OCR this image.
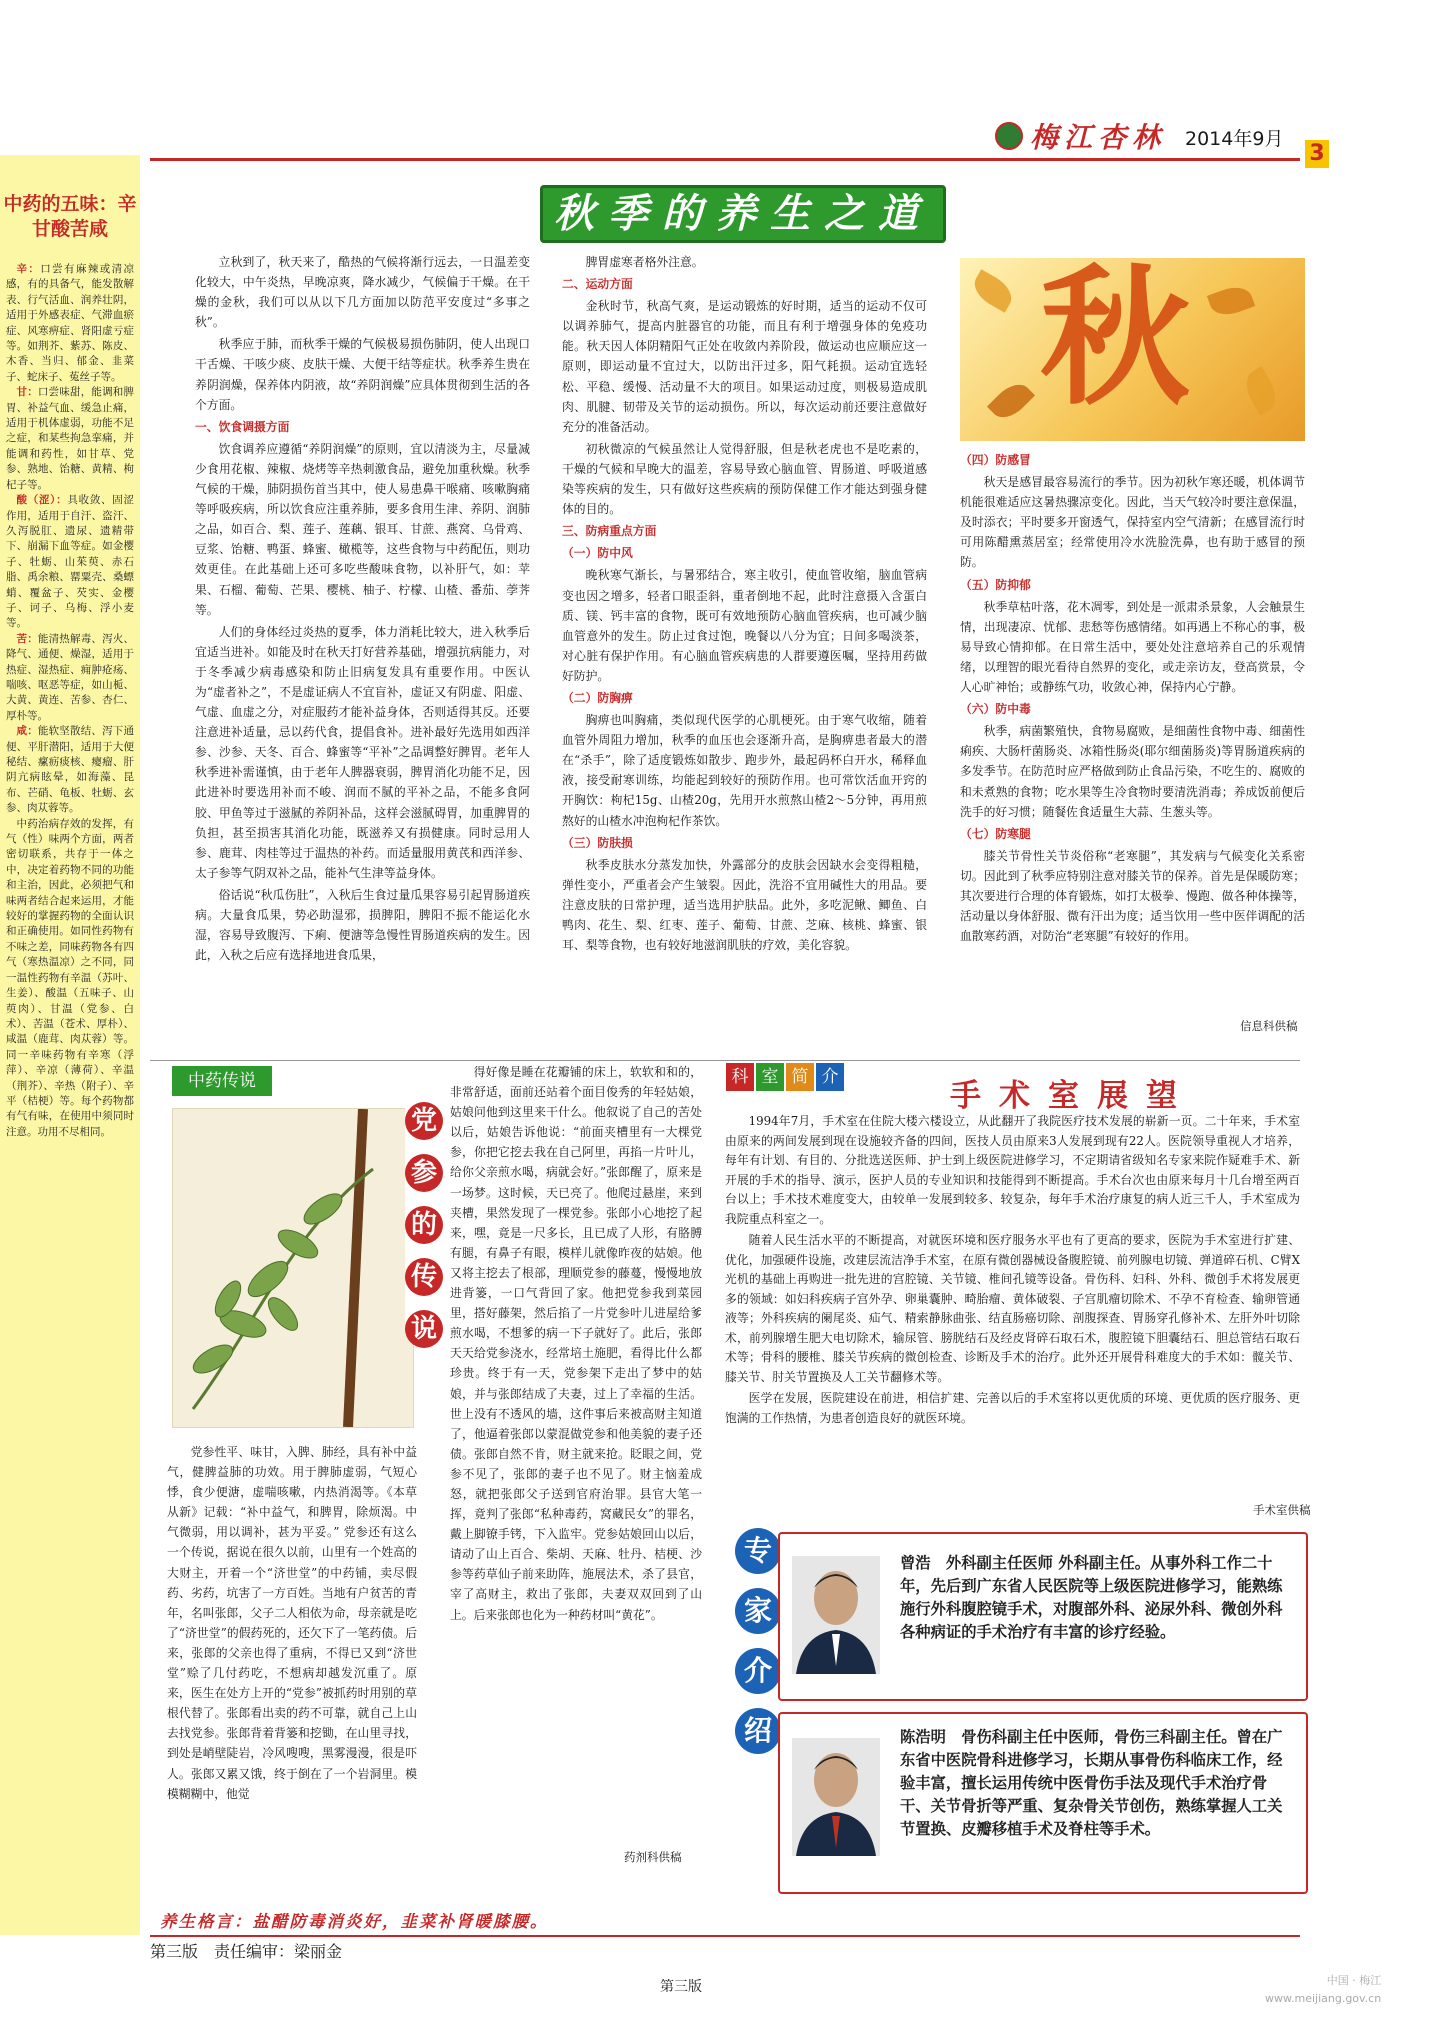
梅江杏林 2014年9月
3
中药的五味：辛甘酸苦咸
辛：口尝有麻辣或清凉感，有的具备气，能发散解表、行气活血、润养壮阴，适用于外感表症、气滞血瘀症、风寒痹症、肾阳虚亏症等。如荆芥、紫苏、陈皮、木香、当归、郁金、韭菜子、蛇床子、菟丝子等。
甘：口尝味甜，能调和脾胃、补益气血、缓急止痛，适用于机体虚弱，功能不足之症，和某些拘急挛痛，并能调和药性，如甘草、党参、熟地、饴糖、黄精、枸杞子等。
酸（涩）：具收敛、固涩作用，适用于自汗、盗汗、久泻脱肛、遗尿、遗精带下、崩漏下血等症。如金樱子、牡蛎、山茱萸、赤石脂、禹余粮、罂粟壳、桑螵蛸、覆盆子、芡实、金樱子、诃子、乌梅、浮小麦等。
苦：能清热解毒、泻火、降气、通便、燥湿，适用于热症、湿热症、痈肿疮疡、喘咳、呕恶等症，如山栀、大黄、黄连、苦参、杏仁、厚朴等。
咸：能软坚散结、泻下通便、平肝潜阳，适用于大便秘结、瘰疬痰核、瘿瘤、肝阴亢病眩晕，如海藻、昆布、芒硝、龟板、牡蛎、玄参、肉苁蓉等。
中药治病存效的发挥，有气（性）味两个方面，两者密切联系，共存于一体之中，决定着药物不同的功能和主治，因此，必须把气和味两者结合起来运用，才能较好的掌握药物的全面认识和正确使用。如同性药物有不味之差，同味药物各有四气（寒热温凉）之不同，同一温性药物有辛温（苏叶、生姜）、酸温（五味子、山萸肉）、甘温（党参、白术）、苦温（苍术、厚朴）、咸温（鹿茸、肉苁蓉）等。同一辛味药物有辛寒（浮萍）、辛凉（薄荷）、辛温（荆芥）、辛热（附子）、辛平（桔梗）等。每个药物都有气有味，在使用中须同时注意。功用不尽相同。
秋季的养生之道

立秋到了，秋天来了，酷热的气候将渐行远去，一日温差变化较大，中午炎热，早晚凉爽，降水减少，气候偏于干燥。在干燥的金秋，我们可以从以下几方面加以防范平安度过“多事之秋”。

秋季应于肺，而秋季干燥的气候极易损伤肺阴，使人出现口干舌燥、干咳少痰、皮肤干燥、大便干结等症状。秋季养生贵在养阴润燥，保养体内阴液，故“养阴润燥”应具体贯彻到生活的各个方面。

一、饮食调摄方面

饮食调养应遵循“养阴润燥”的原则，宜以清淡为主，尽量减少食用花椒、辣椒、烧烤等辛热刺激食品，避免加重秋燥。秋季气候的干燥，肺阴损伤首当其中，使人易患鼻干喉痛、咳嗽胸痛等呼吸疾病，所以饮食应注重养肺，要多食用生津、养阴、润肺之品，如百合、梨、莲子、莲藕、银耳、甘蔗、燕窝、乌骨鸡、豆浆、饴糖、鸭蛋、蜂蜜、橄榄等，这些食物与中药配伍，则功效更佳。在此基础上还可多吃些酸味食物，以补肝气，如：苹果、石榴、葡萄、芒果、樱桃、柚子、柠檬、山楂、番茄、荸荠等。

人们的身体经过炎热的夏季，体力消耗比较大，进入秋季后宜适当进补。如能及时在秋天打好营养基础，增强抗病能力，对于冬季减少病毒感染和防止旧病复发具有重要作用。中医认为“虚者补之”，不是虚证病人不宜盲补，虚证又有阴虚、阳虚、气虚、血虚之分，对症服药才能补益身体，否则适得其反。还要注意进补适量，忌以药代食，提倡食补。进补最好先选用如西洋参、沙参、天冬、百合、蜂蜜等“平补”之品调整好脾胃。老年人秋季进补需谨慎，由于老年人脾器衰弱，脾胃消化功能不足，因此进补时要选用补而不峻、润而不腻的平补之品，不能多食阿胶、甲鱼等过于滋腻的养阴补品，这样会滋腻碍胃，加重脾胃的负担，甚至损害其消化功能，既滋养又有损健康。同时忌用人参、鹿茸、肉桂等过于温热的补药。而适量服用黄芪和西洋参、太子参等气阴双补之品，能补气生津等益身体。

俗话说“秋瓜伤肚”，入秋后生食过量瓜果容易引起胃肠道疾病。大量食瓜果，势必助湿邪，损脾阳，脾阳不振不能运化水湿，容易导致腹泻、下痢、便溏等急慢性胃肠道疾病的发生。因此，入秋之后应有选择地进食瓜果，

脾胃虚寒者格外注意。

二、运动方面

金秋时节，秋高气爽，是运动锻炼的好时期，适当的运动不仅可以调养肺气，提高内脏器官的功能，而且有利于增强身体的免疫功能。秋天因人体阴精阳气正处在收敛内养阶段，做运动也应顺应这一原则，即运动量不宜过大，以防出汗过多，阳气耗损。运动宜选轻松、平稳、缓慢、活动量不大的项目。如果运动过度，则极易造成肌肉、肌腱、韧带及关节的运动损伤。所以，每次运动前还要注意做好充分的准备活动。

初秋微凉的气候虽然让人觉得舒服，但是秋老虎也不是吃素的，干燥的气候和早晚大的温差，容易导致心脑血管、胃肠道、呼吸道感染等疾病的发生，只有做好这些疾病的预防保健工作才能达到强身健体的目的。

三、防病重点方面

（一）防中风

晚秋寒气渐长，与暑邪结合，寒主收引，使血管收缩，脑血管病变也因之增多，轻者口眼歪斜，重者倒地不起，此时注意摄入含蛋白质、镁、钙丰富的食物，既可有效地预防心脑血管疾病，也可减少脑血管意外的发生。防止过食过饱，晚餐以八分为宜；日间多喝淡茶，对心脏有保护作用。有心脑血管疾病患的人群要遵医嘱，坚持用药做好防护。

（二）防胸痹

胸痹也叫胸痛，类似现代医学的心肌梗死。由于寒气收缩，随着血管外周阻力增加，秋季的血压也会逐渐升高，是胸痹患者最大的潜在“杀手”，除了适度锻炼如散步、跑步外，最起码杯白开水，稀释血液，接受耐寒训练，均能起到较好的预防作用。也可常饮活血开窍的开胸饮：枸杞15g、山楂20g，先用开水煎熬山楂2～5分钟，再用煎熬好的山楂水冲泡枸杞作茶饮。

（三）防肤损

秋季皮肤水分蒸发加快，外露部分的皮肤会因缺水会变得粗糙，弹性变小，严重者会产生皱裂。因此，洗浴不宜用碱性大的用品。要注意皮肤的日常护理，适当选用护肤品。此外，多吃泥鳅、鲫鱼、白鸭肉、花生、梨、红枣、莲子、葡萄、甘蔗、芝麻、核桃、蜂蜜、银耳、梨等食物，也有较好地滋润肌肤的疗效，美化容貌。

秋

（四）防感冒

秋天是感冒最容易流行的季节。因为初秋乍寒还暖，机体调节机能很难适应这暑热骤凉变化。因此，当天气较冷时要注意保温，及时添衣；平时要多开窗透气，保持室内空气清新；在感冒流行时可用陈醋熏蒸居室；经常使用冷水洗脸洗鼻，也有助于感冒的预防。

（五）防抑郁

秋季草枯叶落，花木凋零，到处是一派肃杀景象，人会触景生情，出现凄凉、忧郁、悲愁等伤感情绪。如再遇上不称心的事，极易导致心情抑郁。在日常生活中，要处处注意培养自己的乐观情绪，以理智的眼光看待自然界的变化，或走亲访友，登高赏景，令人心旷神怡；或静练气功，收敛心神，保持内心宁静。

（六）防中毒

秋季，病菌繁殖快，食物易腐败，是细菌性食物中毒、细菌性痢疾、大肠杆菌肠炎、冰箱性肠炎(耶尔细菌肠炎)等胃肠道疾病的多发季节。在防范时应严格做到防止食品污染，不吃生的、腐败的和未煮熟的食物；吃水果等生冷食物时要清洗消毒；养成饭前便后洗手的好习惯；随餐佐食适量生大蒜、生葱头等。

（七）防寒腿

膝关节骨性关节炎俗称“老寒腿”，其发病与气候变化关系密切。因此到了秋季应特别注意对膝关节的保养。首先是保暖防寒；其次要进行合理的体育锻炼，如打太极拳、慢跑、做各种体操等，活动量以身体舒服、微有汗出为度；适当饮用一些中医伴调配的活血散寒药酒，对防治“老寒腿”有较好的作用。

信息科供稿
中药传说
党
参
的
传
说
党参性平、味甘，入脾、肺经，具有补中益气，健脾益肺的功效。用于脾肺虚弱，气短心悸，食少便溏，虚喘咳嗽，内热消渴等。《本草从新》记载：“补中益气，和脾胃，除烦渴。中气微弱，用以调补，甚为平妥。” 党参还有这么一个传说，据说在很久以前，山里有一个姓高的大财主，开着一个“济世堂”的中药铺，卖尽假药、劣药，坑害了一方百姓。当地有户贫苦的青年，名叫张郎，父子二人相依为命，母亲就是吃了“济世堂”的假药死的，还欠下了一笔药债。后来，张郎的父亲也得了重病，不得已又到“济世堂”赊了几付药吃，不想病却越发沉重了。原来，医生在处方上开的“党参”被抓药时用别的草根代替了。张郎看出卖的药不可靠，就自己上山去找党参。张郎背着背篓和挖锄，在山里寻找，到处是峭壁陡岩，冷风嗖嗖，黑雾漫漫，很是吓人。张郎又累又饿，终于倒在了一个岩洞里。模模糊糊中，他觉
得好像是睡在花瓣铺的床上，软软和和的，非常舒适，面前还站着个面目俊秀的年轻姑娘，姑娘问他到这里来干什么。他叙说了自己的苦处以后，姑娘告诉他说：“前面夹槽里有一大棵党参，你把它挖去我在自己阿里，再掐一片叶儿，给你父亲煎水喝，病就会好。”张郎醒了，原来是一场梦。这时候，天已亮了。他爬过悬崖，来到夹槽，果然发现了一棵党参。张郎小心地挖了起来，嘿，竟是一尺多长，且已成了人形，有胳膊有腿，有鼻子有眼，模样儿就像昨夜的姑娘。他又将主挖去了根部，理顺党参的藤蔓，慢慢地放进背篓，一口气背回了家。他把党参我到菜园里，搭好藤架，然后掐了一片党参叶儿进屋给爹煎水喝，不想爹的病一下子就好了。此后，张郎天天给党参浇水，经常培土施肥，看得比什么都珍贵。终于有一天，党参架下走出了梦中的姑娘，并与张郎结成了夫妻，过上了幸福的生活。世上没有不透风的墙，这件事后来被高财主知道了，他逼着张郎以蒙混做党参和他美貌的妻子还债。张郎自然不肯，财主就来抢。眨眼之间，党参不见了，张郎的妻子也不见了。财主恼羞成怒，就把张郎父子送到官府治罪。县官大笔一挥，竟判了张郎“私种毒药，窝藏民女”的罪名，戴上脚镣手铐，下入监牢。党参姑娘回山以后，请动了山上百合、柴胡、天麻、牡丹、桔梗、沙参等药草仙子前来助阵，施展法术，杀了县官，宰了高财主，救出了张郎，夫妻双双回到了山上。后来张郎也化为一种药材叫“黄花”。
药剂科供稿
科 室 简 介
手术室展望

1994年7月，手术室在住院大楼六楼设立，从此翻开了我院医疗技术发展的崭新一页。二十年来，手术室由原来的两间发展到现在设施较齐备的四间，医技人员由原来3人发展到现有22人。医院领导重视人才培养，每年有计划、有目的、分批选送医师、护士到上级医院进修学习，不定期请省级知名专家来院作疑难手术、新开展的手术的指导、演示，医护人员的专业知识和技能得到不断提高。手术台次也由原来每月十几台增至两百台以上；手术技术难度变大，由较单一发展到较多、较复杂，每年手术治疗康复的病人近三千人，手术室成为我院重点科室之一。

随着人民生活水平的不断提高，对就医环境和医疗服务水平也有了更高的要求，医院为手术室进行扩建、优化，加强硬件设施，改建层流洁净手术室，在原有微创器械设备腹腔镜、前列腺电切镜、弹道碎石机、C臂X光机的基础上再购进一批先进的宫腔镜、关节镜、椎间孔镜等设备。骨伤科、妇科、外科、微创手术将发展更多的领域：如妇科疾病子宫外孕、卵巢囊肿、畸胎瘤、黄体破裂、子宫肌瘤切除术、不孕不育检查、输卵管通液等；外科疾病的阑尾炎、疝气、精索静脉曲张、结直肠癌切除、剖腹探查、胃肠穿孔修补术、左肝外叶切除术，前列腺增生肥大电切除术，输尿管、膀胱结石及经皮肾碎石取石术，腹腔镜下胆囊结石、胆总管结石取石术等；骨科的腰椎、膝关节疾病的微创检查、诊断及手术的治疗。此外还开展骨科难度大的手术如：髋关节、膝关节、肘关节置换及人工关节翻修术等。

医学在发展，医院建设在前进，相信扩建、完善以后的手术室将以更优质的环境、更优质的医疗服务、更饱满的工作热情，为患者创造良好的就医环境。

手术室供稿
专
家
介
绍
曾浩　外科副主任医师 外科副主任。从事外科工作二十年，先后到广东省人民医院等上级医院进修学习，能熟练施行外科腹腔镜手术，对腹部外科、泌尿外科、微创外科各种病证的手术治疗有丰富的诊疗经验。
陈浩明　骨伤科副主任中医师，骨伤三科副主任。曾在广东省中医院骨科进修学习，长期从事骨伤科临床工作，经验丰富，擅长运用传统中医骨伤手法及现代手术治疗骨干、关节骨折等严重、复杂骨关节创伤，熟练掌握人工关节置换、皮瓣移植手术及脊柱等手术。
养生格言：盐醋防毒消炎好，韭菜补肾暖膝腰。
第三版　责任编审：梁丽金
第三版	中国 · 梅江
www.meijiang.gov.cn
